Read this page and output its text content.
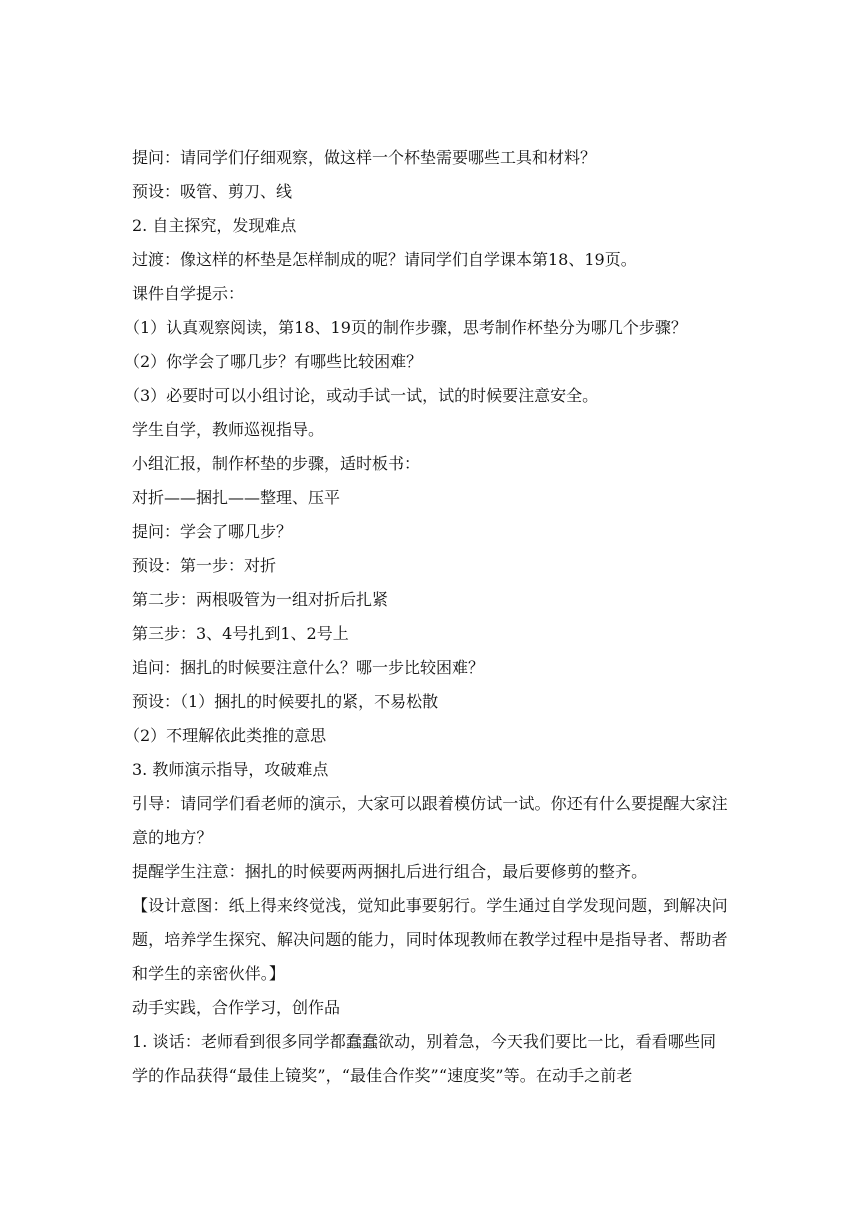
提问：请同学们仔细观察，做这样一个杯垫需要哪些工具和材料？
预设：吸管、剪刀、线
2. 自主探究，发现难点
过渡：像这样的杯垫是怎样制成的呢？请同学们自学课本第18、19页。
课件自学提示：
（1）认真观察阅读，第18、19页的制作步骤，思考制作杯垫分为哪几个步骤？
（2）你学会了哪几步？有哪些比较困难？
（3）必要时可以小组讨论，或动手试一试，试的时候要注意安全。
学生自学，教师巡视指导。
小组汇报，制作杯垫的步骤，适时板书：
对折——捆扎——整理、压平
提问：学会了哪几步？
预设：第一步：对折
第二步：两根吸管为一组对折后扎紧
第三步：3、4号扎到1、2号上
追问：捆扎的时候要注意什么？哪一步比较困难？
预设：（1）捆扎的时候要扎的紧，不易松散
（2）不理解依此类推的意思
3. 教师演示指导，攻破难点
引导：请同学们看老师的演示，大家可以跟着模仿试一试。你还有什么要提醒大家注意的地方？
提醒学生注意：捆扎的时候要两两捆扎后进行组合，最后要修剪的整齐。
【设计意图：纸上得来终觉浅，觉知此事要躬行。学生通过自学发现问题，到解决问题，培养学生探究、解决问题的能力，同时体现教师在教学过程中是指导者、帮助者和学生的亲密伙伴。】
动手实践，合作学习，创作品
1. 谈话：老师看到很多同学都蠢蠢欲动，别着急，今天我们要比一比，看看哪些同学的作品获得“最佳上镜奖”，“最佳合作奖”“速度奖”等。在动手之前老
